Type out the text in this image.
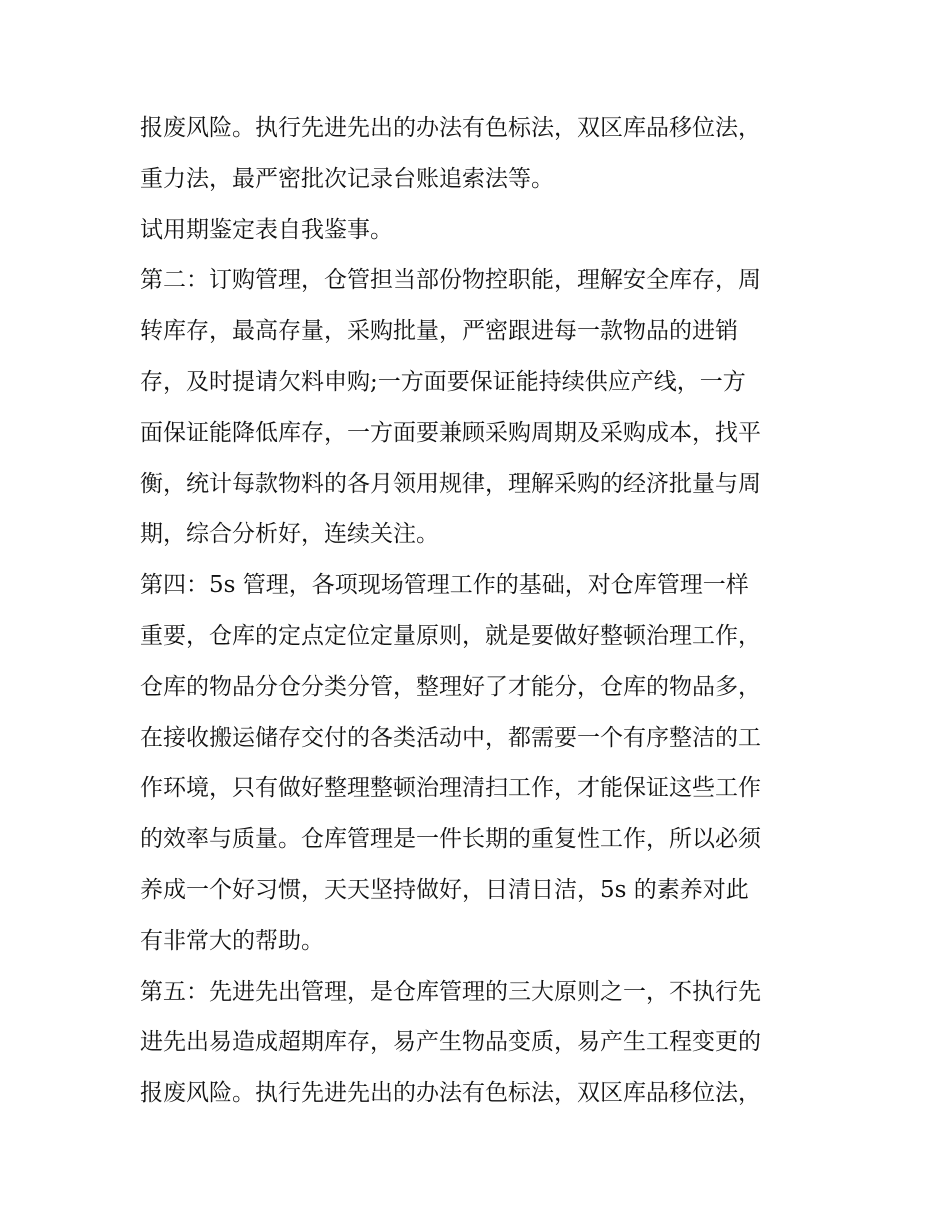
报废风险。执行先进先出的办法有色标法，双区库品移位法，
重力法，最严密批次记录台账追索法等。
试用期鉴定表自我鉴事。
第二：订购管理，仓管担当部份物控职能，理解安全库存，周
转库存，最高存量，采购批量，严密跟进每一款物品的进销
存，及时提请欠料申购;一方面要保证能持续供应产线，一方
面保证能降低库存，一方面要兼顾采购周期及采购成本，找平
衡，统计每款物料的各月领用规律，理解采购的经济批量与周
期，综合分析好，连续关注。
第四：5s 管理，各项现场管理工作的基础，对仓库管理一样
重要，仓库的定点定位定量原则，就是要做好整顿治理工作，
仓库的物品分仓分类分管，整理好了才能分，仓库的物品多，
在接收搬运储存交付的各类活动中，都需要一个有序整洁的工
作环境，只有做好整理整顿治理清扫工作，才能保证这些工作
的效率与质量。仓库管理是一件长期的重复性工作，所以必须
养成一个好习惯，天天坚持做好，日清日洁，5s 的素养对此
有非常大的帮助。
第五：先进先出管理，是仓库管理的三大原则之一，不执行先
进先出易造成超期库存，易产生物品变质，易产生工程变更的
报废风险。执行先进先出的办法有色标法，双区库品移位法，
